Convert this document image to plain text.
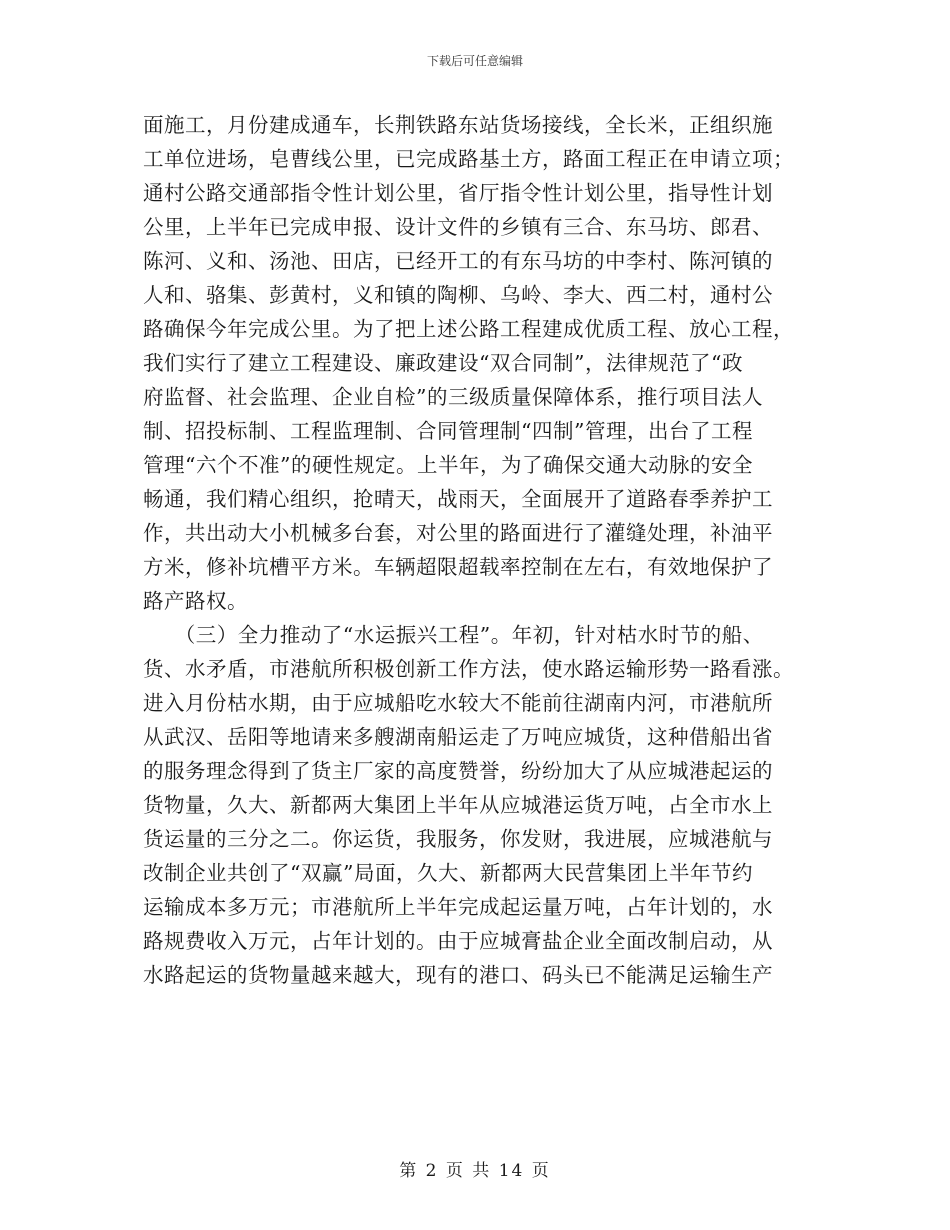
下载后可任意编辑
面施工，月份建成通车，长荆铁路东站货场接线，全长米，正组织施
工单位进场，皂曹线公里，已完成路基土方，路面工程正在申请立项；
通村公路交通部指令性计划公里，省厅指令性计划公里，指导性计划
公里，上半年已完成申报、设计文件的乡镇有三合、东马坊、郎君、
陈河、义和、汤池、田店，已经开工的有东马坊的中李村、陈河镇的
人和、骆集、彭黄村，义和镇的陶柳、乌岭、李大、西二村，通村公
路确保今年完成公里。为了把上述公路工程建成优质工程、放心工程，
我们实行了建立工程建设、廉政建设“双合同制”，法律规范了“政
府监督、社会监理、企业自检”的三级质量保障体系，推行项目法人
制、招投标制、工程监理制、合同管理制“四制”管理，出台了工程
管理“六个不准”的硬性规定。上半年，为了确保交通大动脉的安全
畅通，我们精心组织，抢晴天，战雨天，全面展开了道路春季养护工
作，共出动大小机械多台套，对公里的路面进行了灌缝处理，补油平
方米，修补坑槽平方米。车辆超限超载率控制在左右，有效地保护了
路产路权。
　　（三）全力推动了“水运振兴工程”。年初，针对枯水时节的船、
货、水矛盾，市港航所积极创新工作方法，使水路运输形势一路看涨。
进入月份枯水期，由于应城船吃水较大不能前往湖南内河，市港航所
从武汉、岳阳等地请来多艘湖南船运走了万吨应城货，这种借船出省
的服务理念得到了货主厂家的高度赞誉，纷纷加大了从应城港起运的
货物量，久大、新都两大集团上半年从应城港运货万吨，占全市水上
货运量的三分之二。你运货，我服务，你发财，我进展，应城港航与
改制企业共创了“双赢”局面，久大、新都两大民营集团上半年节约
运输成本多万元；市港航所上半年完成起运量万吨，占年计划的，水
路规费收入万元，占年计划的。由于应城膏盐企业全面改制启动，从
水路起运的货物量越来越大，现有的港口、码头已不能满足运输生产
第 2 页 共 14 页
